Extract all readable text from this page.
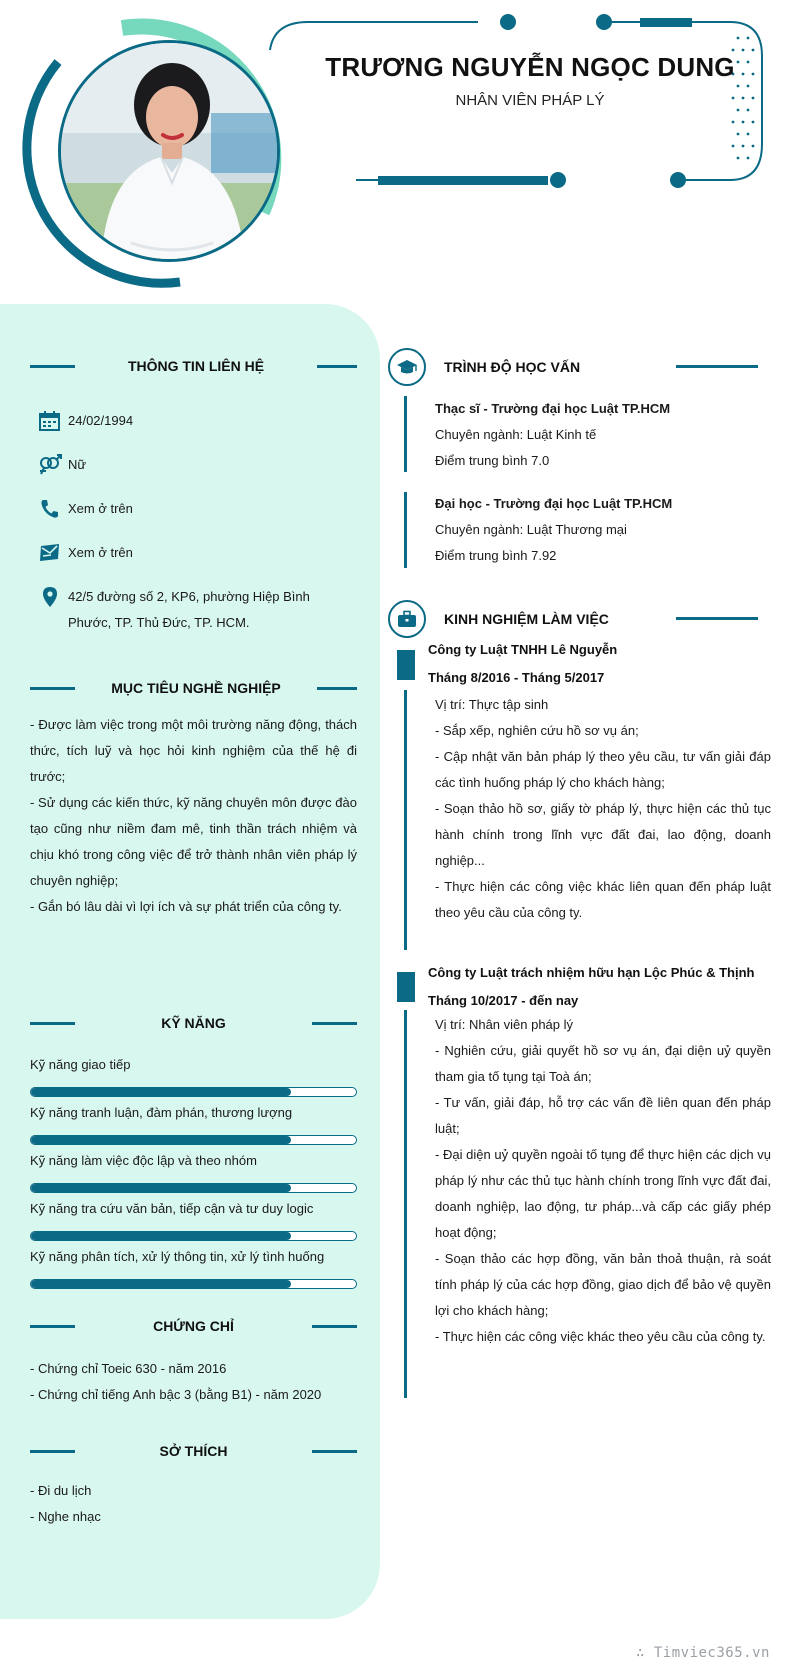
TRƯƠNG NGUYỄN NGỌC DUNG
NHÂN VIÊN PHÁP LÝ
THÔNG TIN LIÊN HỆ
24/02/1994
Nữ
Xem ở trên
Xem ở trên
42/5 đường số 2, KP6, phường Hiệp Bình
Phước, TP. Thủ Đức, TP. HCM.
MỤC TIÊU NGHỀ NGHIỆP

- Được làm việc trong một môi trường năng động, thách thức, tích luỹ và học hỏi kinh nghiệm của thế hệ đi trước;

- Sử dụng các kiến thức, kỹ năng chuyên môn được đào tạo cũng như niềm đam mê, tinh thần trách nhiệm và chịu khó trong công việc để trở thành nhân viên pháp lý chuyên nghiệp;

- Gắn bó lâu dài vì lợi ích và sự phát triển của công ty.

KỸ NĂNG
Kỹ năng giao tiếp
Kỹ năng tranh luận, đàm phán, thương lượng
Kỹ năng làm việc độc lập và theo nhóm
Kỹ năng tra cứu văn bản, tiếp cận và tư duy logic
Kỹ năng phân tích, xử lý thông tin, xử lý tình huống
CHỨNG CHỈ

- Chứng chỉ Toeic 630 - năm 2016

- Chứng chỉ tiếng Anh bậc 3 (bằng B1) - năm 2020

SỞ THÍCH

- Đi du lịch

- Nghe nhạc

TRÌNH ĐỘ HỌC VẤN
Thạc sĩ - Trường đại học Luật TP.HCM
Chuyên ngành: Luật Kinh tế
Điểm trung bình 7.0
Đại học - Trường đại học Luật TP.HCM
Chuyên ngành: Luật Thương mại
Điểm trung bình 7.92
KINH NGHIỆM LÀM VIỆC
Công ty Luật TNHH Lê Nguyễn
Tháng 8/2016 - Tháng 5/2017

Vị trí: Thực tập sinh

- Sắp xếp, nghiên cứu hồ sơ vụ án;

- Cập nhật văn bản pháp lý theo yêu cầu, tư vấn giải đáp các tình huống pháp lý cho khách hàng;

- Soạn thảo hồ sơ, giấy tờ pháp lý, thực hiện các thủ tục hành chính trong lĩnh vực đất đai, lao động, doanh nghiệp...

- Thực hiện các công việc khác liên quan đến pháp luật theo yêu cầu của công ty.

Công ty Luật trách nhiệm hữu hạn Lộc Phúc & Thịnh
Tháng 10/2017 - đến nay

Vị trí: Nhân viên pháp lý

- Nghiên cứu, giải quyết hồ sơ vụ án, đại diện uỷ quyền tham gia tố tụng tại Toà án;

- Tư vấn, giải đáp, hỗ trợ các vấn đề liên quan đến pháp luật;

- Đại diện uỷ quyền ngoài tố tụng để thực hiện các dịch vụ pháp lý như các thủ tục hành chính trong lĩnh vực đất đai, doanh nghiệp, lao động, tư pháp...và cấp các giấy phép hoạt động;

- Soạn thảo các hợp đồng, văn bản thoả thuận, rà soát tính pháp lý của các hợp đồng, giao dịch để bảo vệ quyền lợi cho khách hàng;

- Thực hiện các công việc khác theo yêu cầu của công ty.

∴ Timviec365.vn
